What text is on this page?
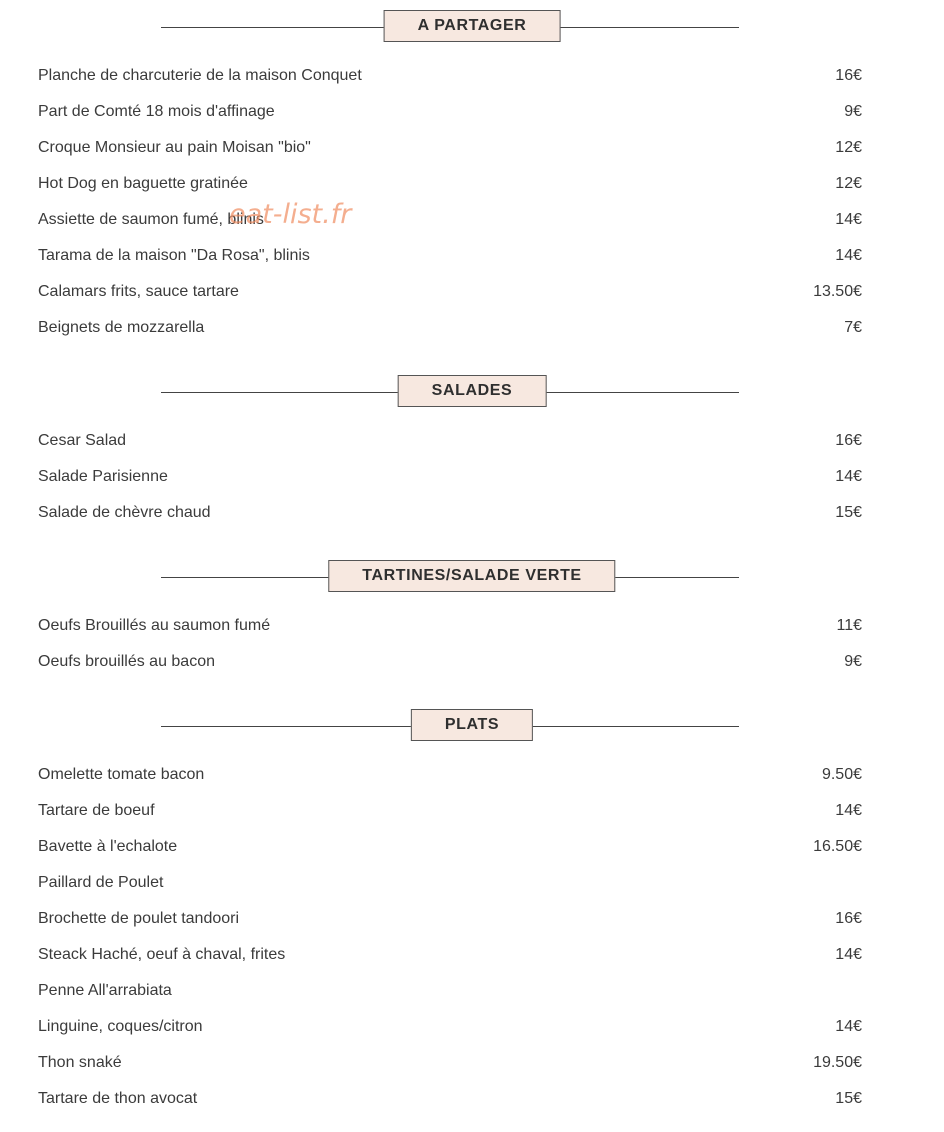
A PARTAGER
Planche de charcuterie de la maison Conquet	16€
Part de Comté 18 mois d'affinage	9€
Croque Monsieur au pain Moisan "bio"	12€
Hot Dog en baguette gratinée	12€
Assiette de saumon fumé, blinis	14€
Tarama de la maison "Da Rosa", blinis	14€
Calamars frits, sauce tartare	13.50€
Beignets de mozzarella	7€
SALADES
Cesar Salad	16€
Salade Parisienne	14€
Salade de chèvre chaud	15€
TARTINES/SALADE VERTE
Oeufs Brouillés au saumon fumé	11€
Oeufs brouillés au bacon	9€
PLATS
Omelette tomate bacon	9.50€
Tartare de boeuf	14€
Bavette à l'echalote	16.50€
Paillard de Poulet
Brochette de poulet tandoori	16€
Steack Haché, oeuf à chaval, frites	14€
Penne All'arrabiata
Linguine, coques/citron	14€
Thon snaké	19.50€
Tartare de thon avocat	15€
eat-list.fr
